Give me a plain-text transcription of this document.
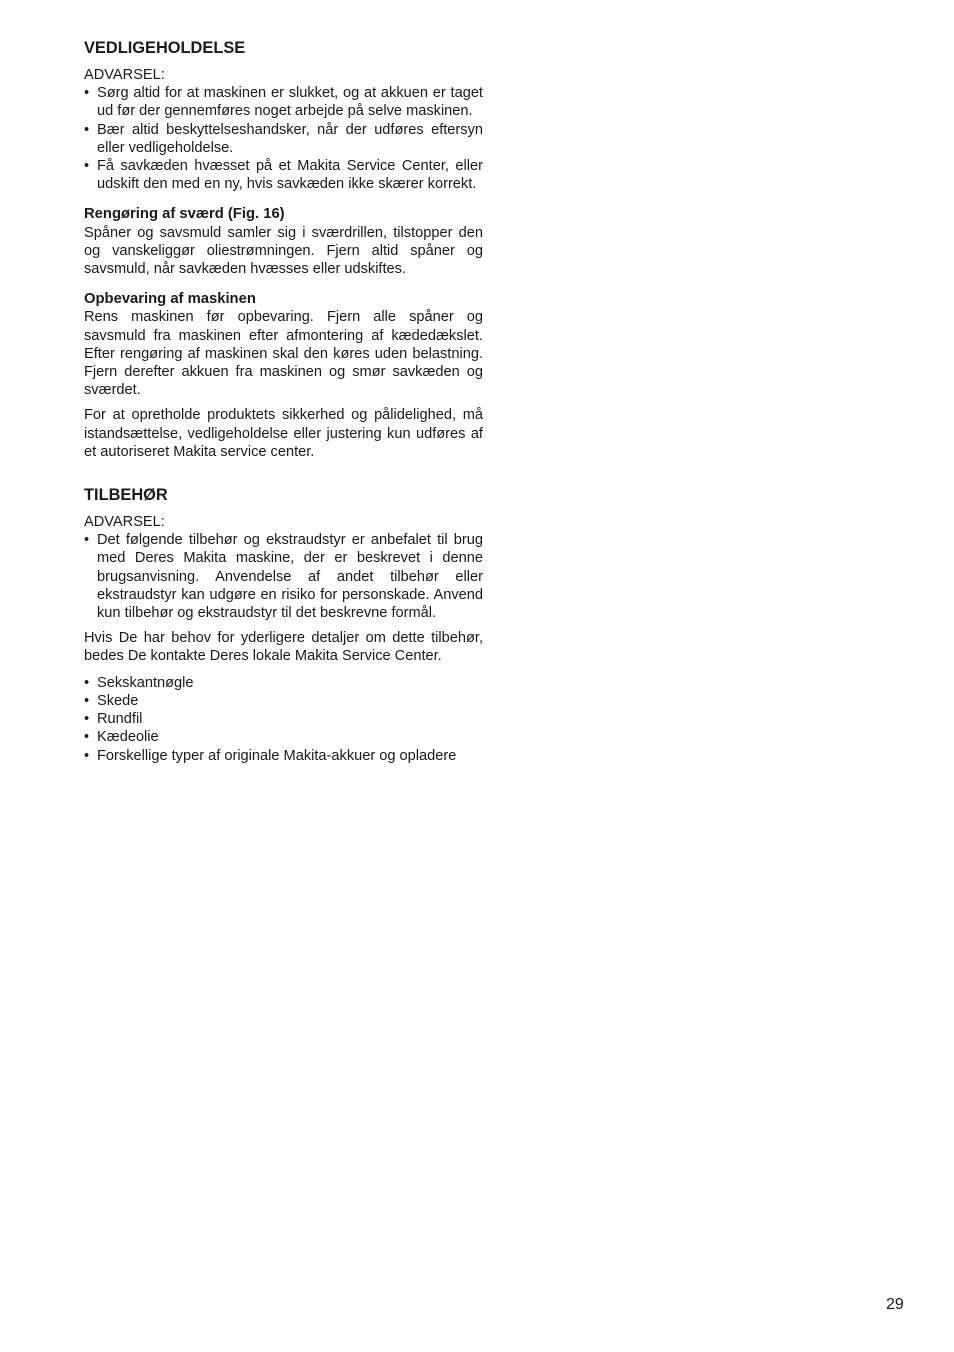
VEDLIGEHOLDELSE
ADVARSEL:
• Sørg altid for at maskinen er slukket, og at akkuen er taget ud før der gennemføres noget arbejde på selve maskinen.
• Bær altid beskyttelseshandsker, når der udføres eftersyn eller vedligeholdelse.
• Få savkæden hvæsset på et Makita Service Center, eller udskift den med en ny, hvis savkæden ikke skærer korrekt.
Rengøring af sværd (Fig. 16)

Spåner og savsmuld samler sig i sværdrillen, tilstopper den og vanskeliggør oliestrømningen. Fjern altid spåner og savsmuld, når savkæden hvæsses eller udskiftes.

Opbevaring af maskinen

Rens maskinen før opbevaring. Fjern alle spåner og savsmuld fra maskinen efter afmontering af kædedækslet. Efter rengøring af maskinen skal den køres uden belastning. Fjern derefter akkuen fra maskinen og smør savkæden og sværdet.

For at opretholde produktets sikkerhed og pålidelighed, må istandsættelse, vedligeholdelse eller justering kun udføres af et autoriseret Makita service center.

TILBEHØR
ADVARSEL:
• Det følgende tilbehør og ekstraudstyr er anbefalet til brug med Deres Makita maskine, der er beskrevet i denne brugsanvisning. Anvendelse af andet tilbehør eller ekstraudstyr kan udgøre en risiko for personskade. Anvend kun tilbehør og ekstraudstyr til det beskrevne formål.

Hvis De har behov for yderligere detaljer om dette tilbehør, bedes De kontakte Deres lokale Makita Service Center.

• Sekskantnøgle
• Skede
• Rundfil
• Kædeolie
• Forskellige typer af originale Makita-akkuer og opladere
29
